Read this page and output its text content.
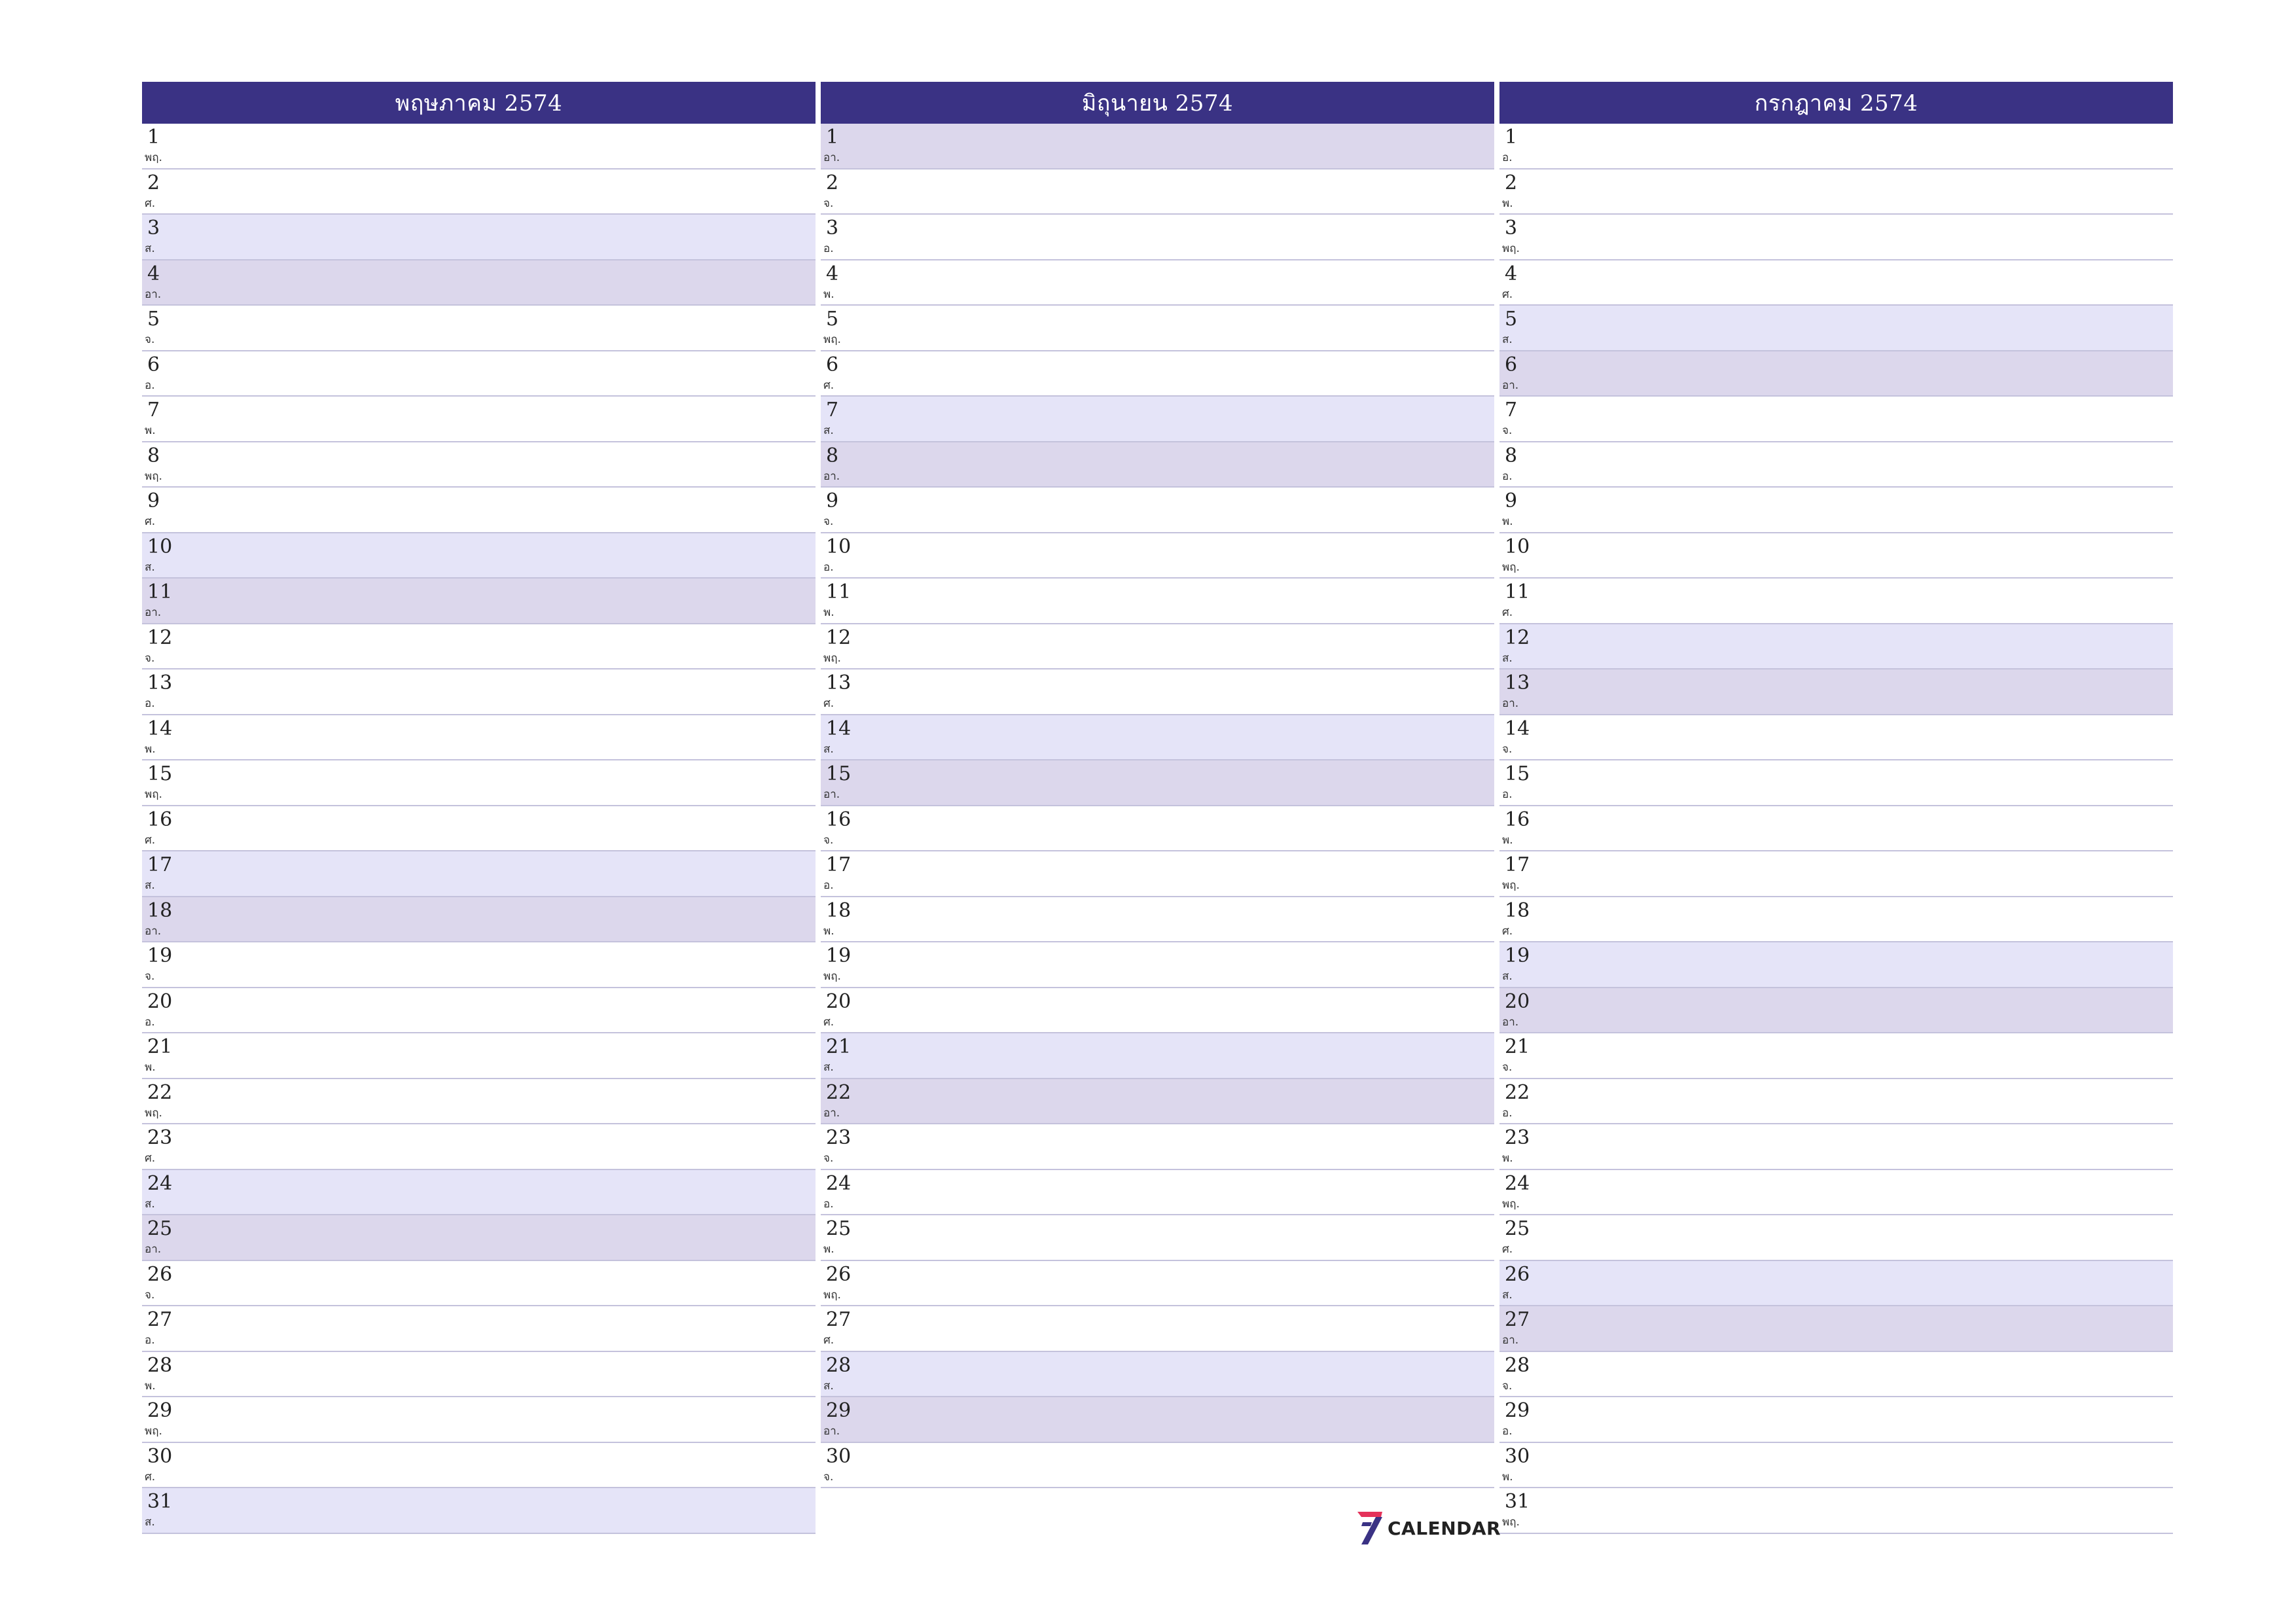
พฤษภาคม 2574
1
พฤ.
2
ศ.
3
ส.
4
อา.
5
จ.
6
อ.
7
พ.
8
พฤ.
9
ศ.
10
ส.
11
อา.
12
จ.
13
อ.
14
พ.
15
พฤ.
16
ศ.
17
ส.
18
อา.
19
จ.
20
อ.
21
พ.
22
พฤ.
23
ศ.
24
ส.
25
อา.
26
จ.
27
อ.
28
พ.
29
พฤ.
30
ศ.
31
ส.
มิถุนายน 2574
1
อา.
2
จ.
3
อ.
4
พ.
5
พฤ.
6
ศ.
7
ส.
8
อา.
9
จ.
10
อ.
11
พ.
12
พฤ.
13
ศ.
14
ส.
15
อา.
16
จ.
17
อ.
18
พ.
19
พฤ.
20
ศ.
21
ส.
22
อา.
23
จ.
24
อ.
25
พ.
26
พฤ.
27
ศ.
28
ส.
29
อา.
30
จ.
กรกฎาคม 2574
1
อ.
2
พ.
3
พฤ.
4
ศ.
5
ส.
6
อา.
7
จ.
8
อ.
9
พ.
10
พฤ.
11
ศ.
12
ส.
13
อา.
14
จ.
15
อ.
16
พ.
17
พฤ.
18
ศ.
19
ส.
20
อา.
21
จ.
22
อ.
23
พ.
24
พฤ.
25
ศ.
26
ส.
27
อา.
28
จ.
29
อ.
30
พ.
31
พฤ.
CALENDAR
